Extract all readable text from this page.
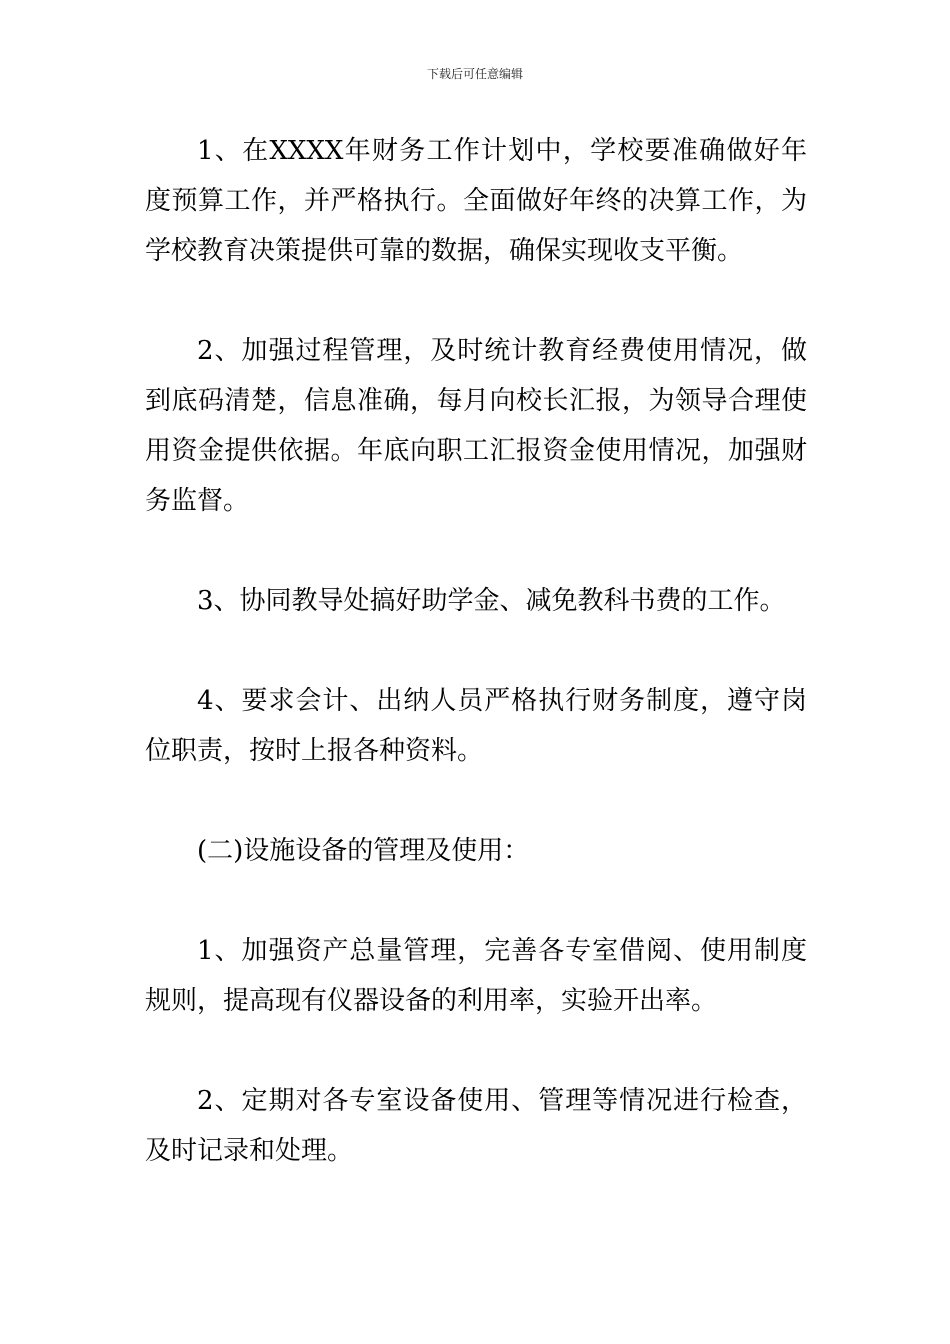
下载后可任意编辑

1、在XXXX年财务工作计划中，学校要准确做好年度预算工作，并严格执行。全面做好年终的决算工作，为学校教育决策提供可靠的数据，确保实现收支平衡。

2、加强过程管理，及时统计教育经费使用情况，做到底码清楚，信息准确，每月向校长汇报，为领导合理使用资金提供依据。年底向职工汇报资金使用情况，加强财务监督。

3、协同教导处搞好助学金、减免教科书费的工作。

4、要求会计、出纳人员严格执行财务制度，遵守岗位职责，按时上报各种资料。

(二)设施设备的管理及使用：

1、加强资产总量管理，完善各专室借阅、使用制度规则，提高现有仪器设备的利用率，实验开出率。

2、定期对各专室设备使用、管理等情况进行检查，及时记录和处理。
